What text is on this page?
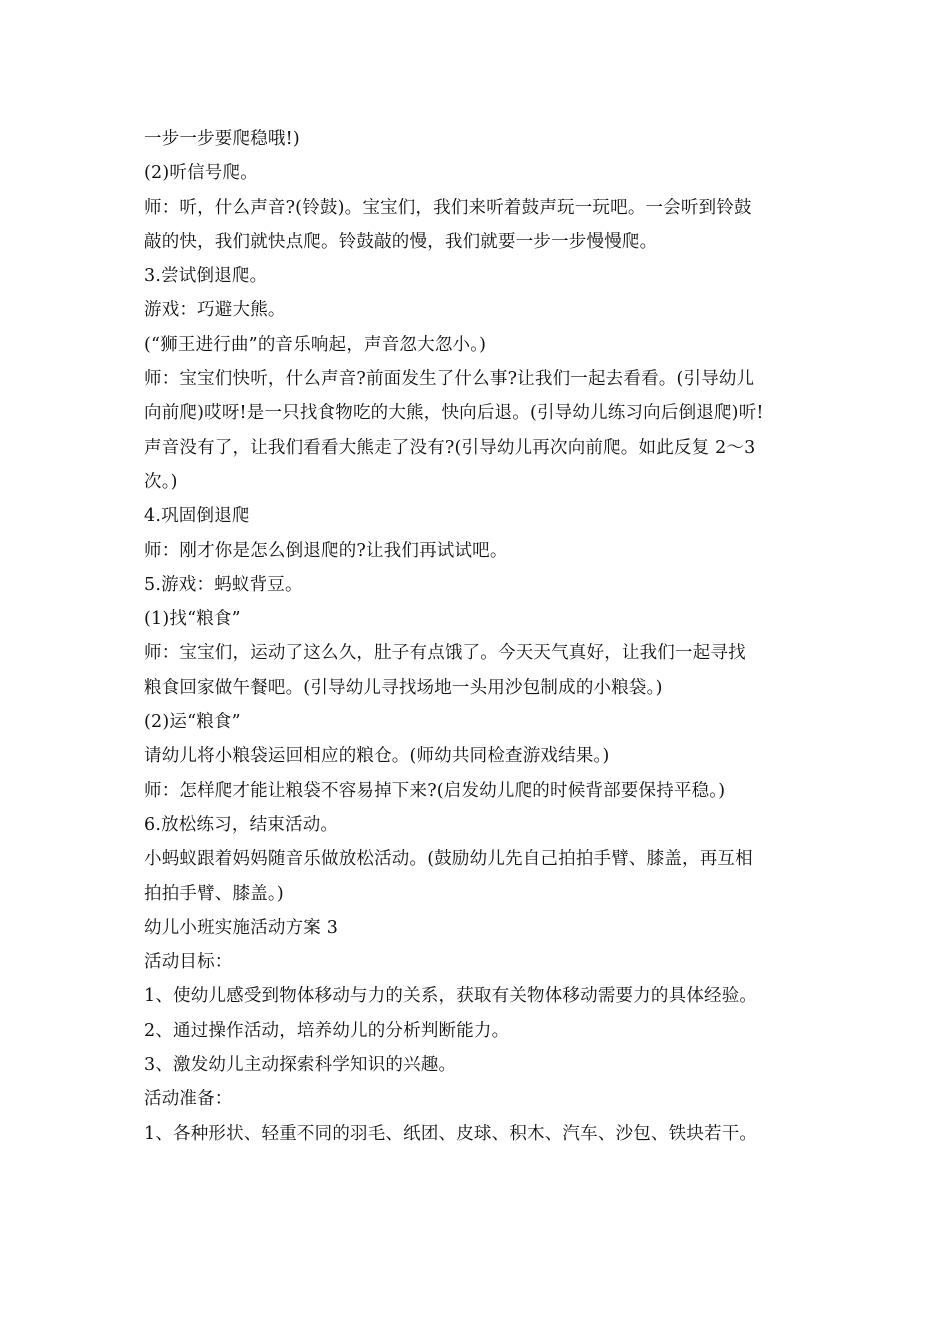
一步一步要爬稳哦!)
(2)听信号爬。
师：听，什么声音?(铃鼓)。宝宝们，我们来听着鼓声玩一玩吧。一会听到铃鼓
敲的快，我们就快点爬。铃鼓敲的慢，我们就要一步一步慢慢爬。
3.尝试倒退爬。
游戏：巧避大熊。
(“狮王进行曲”的音乐响起，声音忽大忽小。)
师：宝宝们快听，什么声音?前面发生了什么事?让我们一起去看看。(引导幼儿
向前爬)哎呀!是一只找食物吃的大熊，快向后退。(引导幼儿练习向后倒退爬)听!
声音没有了，让我们看看大熊走了没有?(引导幼儿再次向前爬。如此反复 2～3
次。)
4.巩固倒退爬
师：刚才你是怎么倒退爬的?让我们再试试吧。
5.游戏：蚂蚁背豆。
(1)找“粮食”
师：宝宝们，运动了这么久，肚子有点饿了。今天天气真好，让我们一起寻找
粮食回家做午餐吧。(引导幼儿寻找场地一头用沙包制成的小粮袋。)
(2)运“粮食”
请幼儿将小粮袋运回相应的粮仓。(师幼共同检查游戏结果。)
师：怎样爬才能让粮袋不容易掉下来?(启发幼儿爬的时候背部要保持平稳。)
6.放松练习，结束活动。
小蚂蚁跟着妈妈随音乐做放松活动。(鼓励幼儿先自己拍拍手臂、膝盖，再互相
拍拍手臂、膝盖。)
幼儿小班实施活动方案 3
活动目标：
1、使幼儿感受到物体移动与力的关系，获取有关物体移动需要力的具体经验。
2、通过操作活动，培养幼儿的分析判断能力。
3、激发幼儿主动探索科学知识的兴趣。
活动准备：
1、各种形状、轻重不同的羽毛、纸团、皮球、积木、汽车、沙包、铁块若干。
